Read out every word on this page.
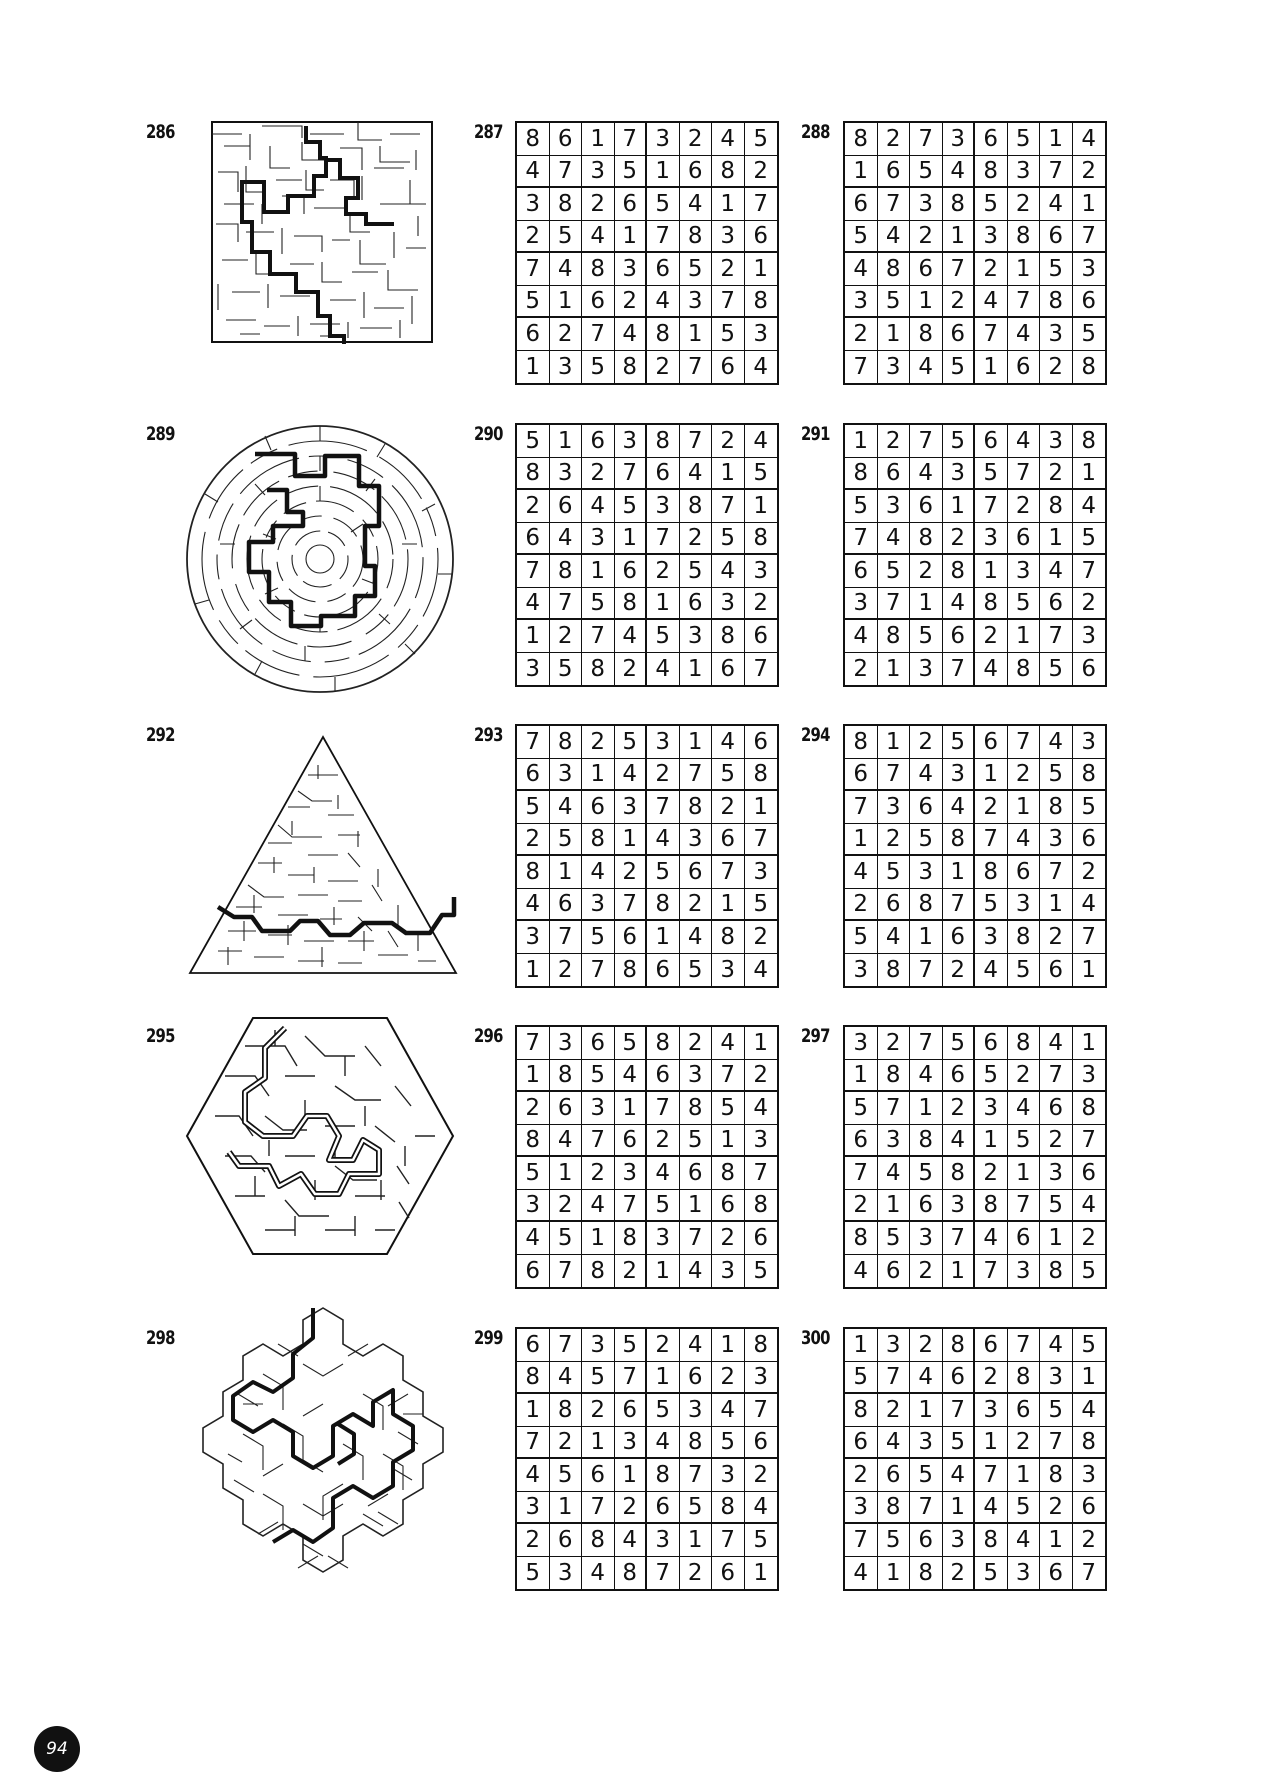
286
289
292
295
298
287	288
290	291
293	294
296	297
299	300
8 6 1 7 3 2 4 5
4 7 3 5 1 6 8 2
3 8 2 6 5 4 1 7
2 5 4 1 7 8 3 6
7 4 8 3 6 5 2 1
5 1 6 2 4 3 7 8
6 2 7 4 8 1 5 3
1 3 5 8 2 7 6 4
8 2 7 3 6 5 1 4
1 6 5 4 8 3 7 2
6 7 3 8 5 2 4 1
5 4 2 1 3 8 6 7
4 8 6 7 2 1 5 3
3 5 1 2 4 7 8 6
2 1 8 6 7 4 3 5
7 3 4 5 1 6 2 8
5 1 6 3 8 7 2 4
8 3 2 7 6 4 1 5
2 6 4 5 3 8 7 1
6 4 3 1 7 2 5 8
7 8 1 6 2 5 4 3
4 7 5 8 1 6 3 2
1 2 7 4 5 3 8 6
3 5 8 2 4 1 6 7
1 2 7 5 6 4 3 8
8 6 4 3 5 7 2 1
5 3 6 1 7 2 8 4
7 4 8 2 3 6 1 5
6 5 2 8 1 3 4 7
3 7 1 4 8 5 6 2
4 8 5 6 2 1 7 3
2 1 3 7 4 8 5 6
7 8 2 5 3 1 4 6
6 3 1 4 2 7 5 8
5 4 6 3 7 8 2 1
2 5 8 1 4 3 6 7
8 1 4 2 5 6 7 3
4 6 3 7 8 2 1 5
3 7 5 6 1 4 8 2
1 2 7 8 6 5 3 4
8 1 2 5 6 7 4 3
6 7 4 3 1 2 5 8
7 3 6 4 2 1 8 5
1 2 5 8 7 4 3 6
4 5 3 1 8 6 7 2
2 6 8 7 5 3 1 4
5 4 1 6 3 8 2 7
3 8 7 2 4 5 6 1
7 3 6 5 8 2 4 1
1 8 5 4 6 3 7 2
2 6 3 1 7 8 5 4
8 4 7 6 2 5 1 3
5 1 2 3 4 6 8 7
3 2 4 7 5 1 6 8
4 5 1 8 3 7 2 6
6 7 8 2 1 4 3 5
3 2 7 5 6 8 4 1
1 8 4 6 5 2 7 3
5 7 1 2 3 4 6 8
6 3 8 4 1 5 2 7
7 4 5 8 2 1 3 6
2 1 6 3 8 7 5 4
8 5 3 7 4 6 1 2
4 6 2 1 7 3 8 5
6 7 3 5 2 4 1 8
8 4 5 7 1 6 2 3
1 8 2 6 5 3 4 7
7 2 1 3 4 8 5 6
4 5 6 1 8 7 3 2
3 1 7 2 6 5 8 4
2 6 8 4 3 1 7 5
5 3 4 8 7 2 6 1
1 3 2 8 6 7 4 5
5 7 4 6 2 8 3 1
8 2 1 7 3 6 5 4
6 4 3 5 1 2 7 8
2 6 5 4 7 1 8 3
3 8 7 1 4 5 2 6
7 5 6 3 8 4 1 2
4 1 8 2 5 3 6 7
94
